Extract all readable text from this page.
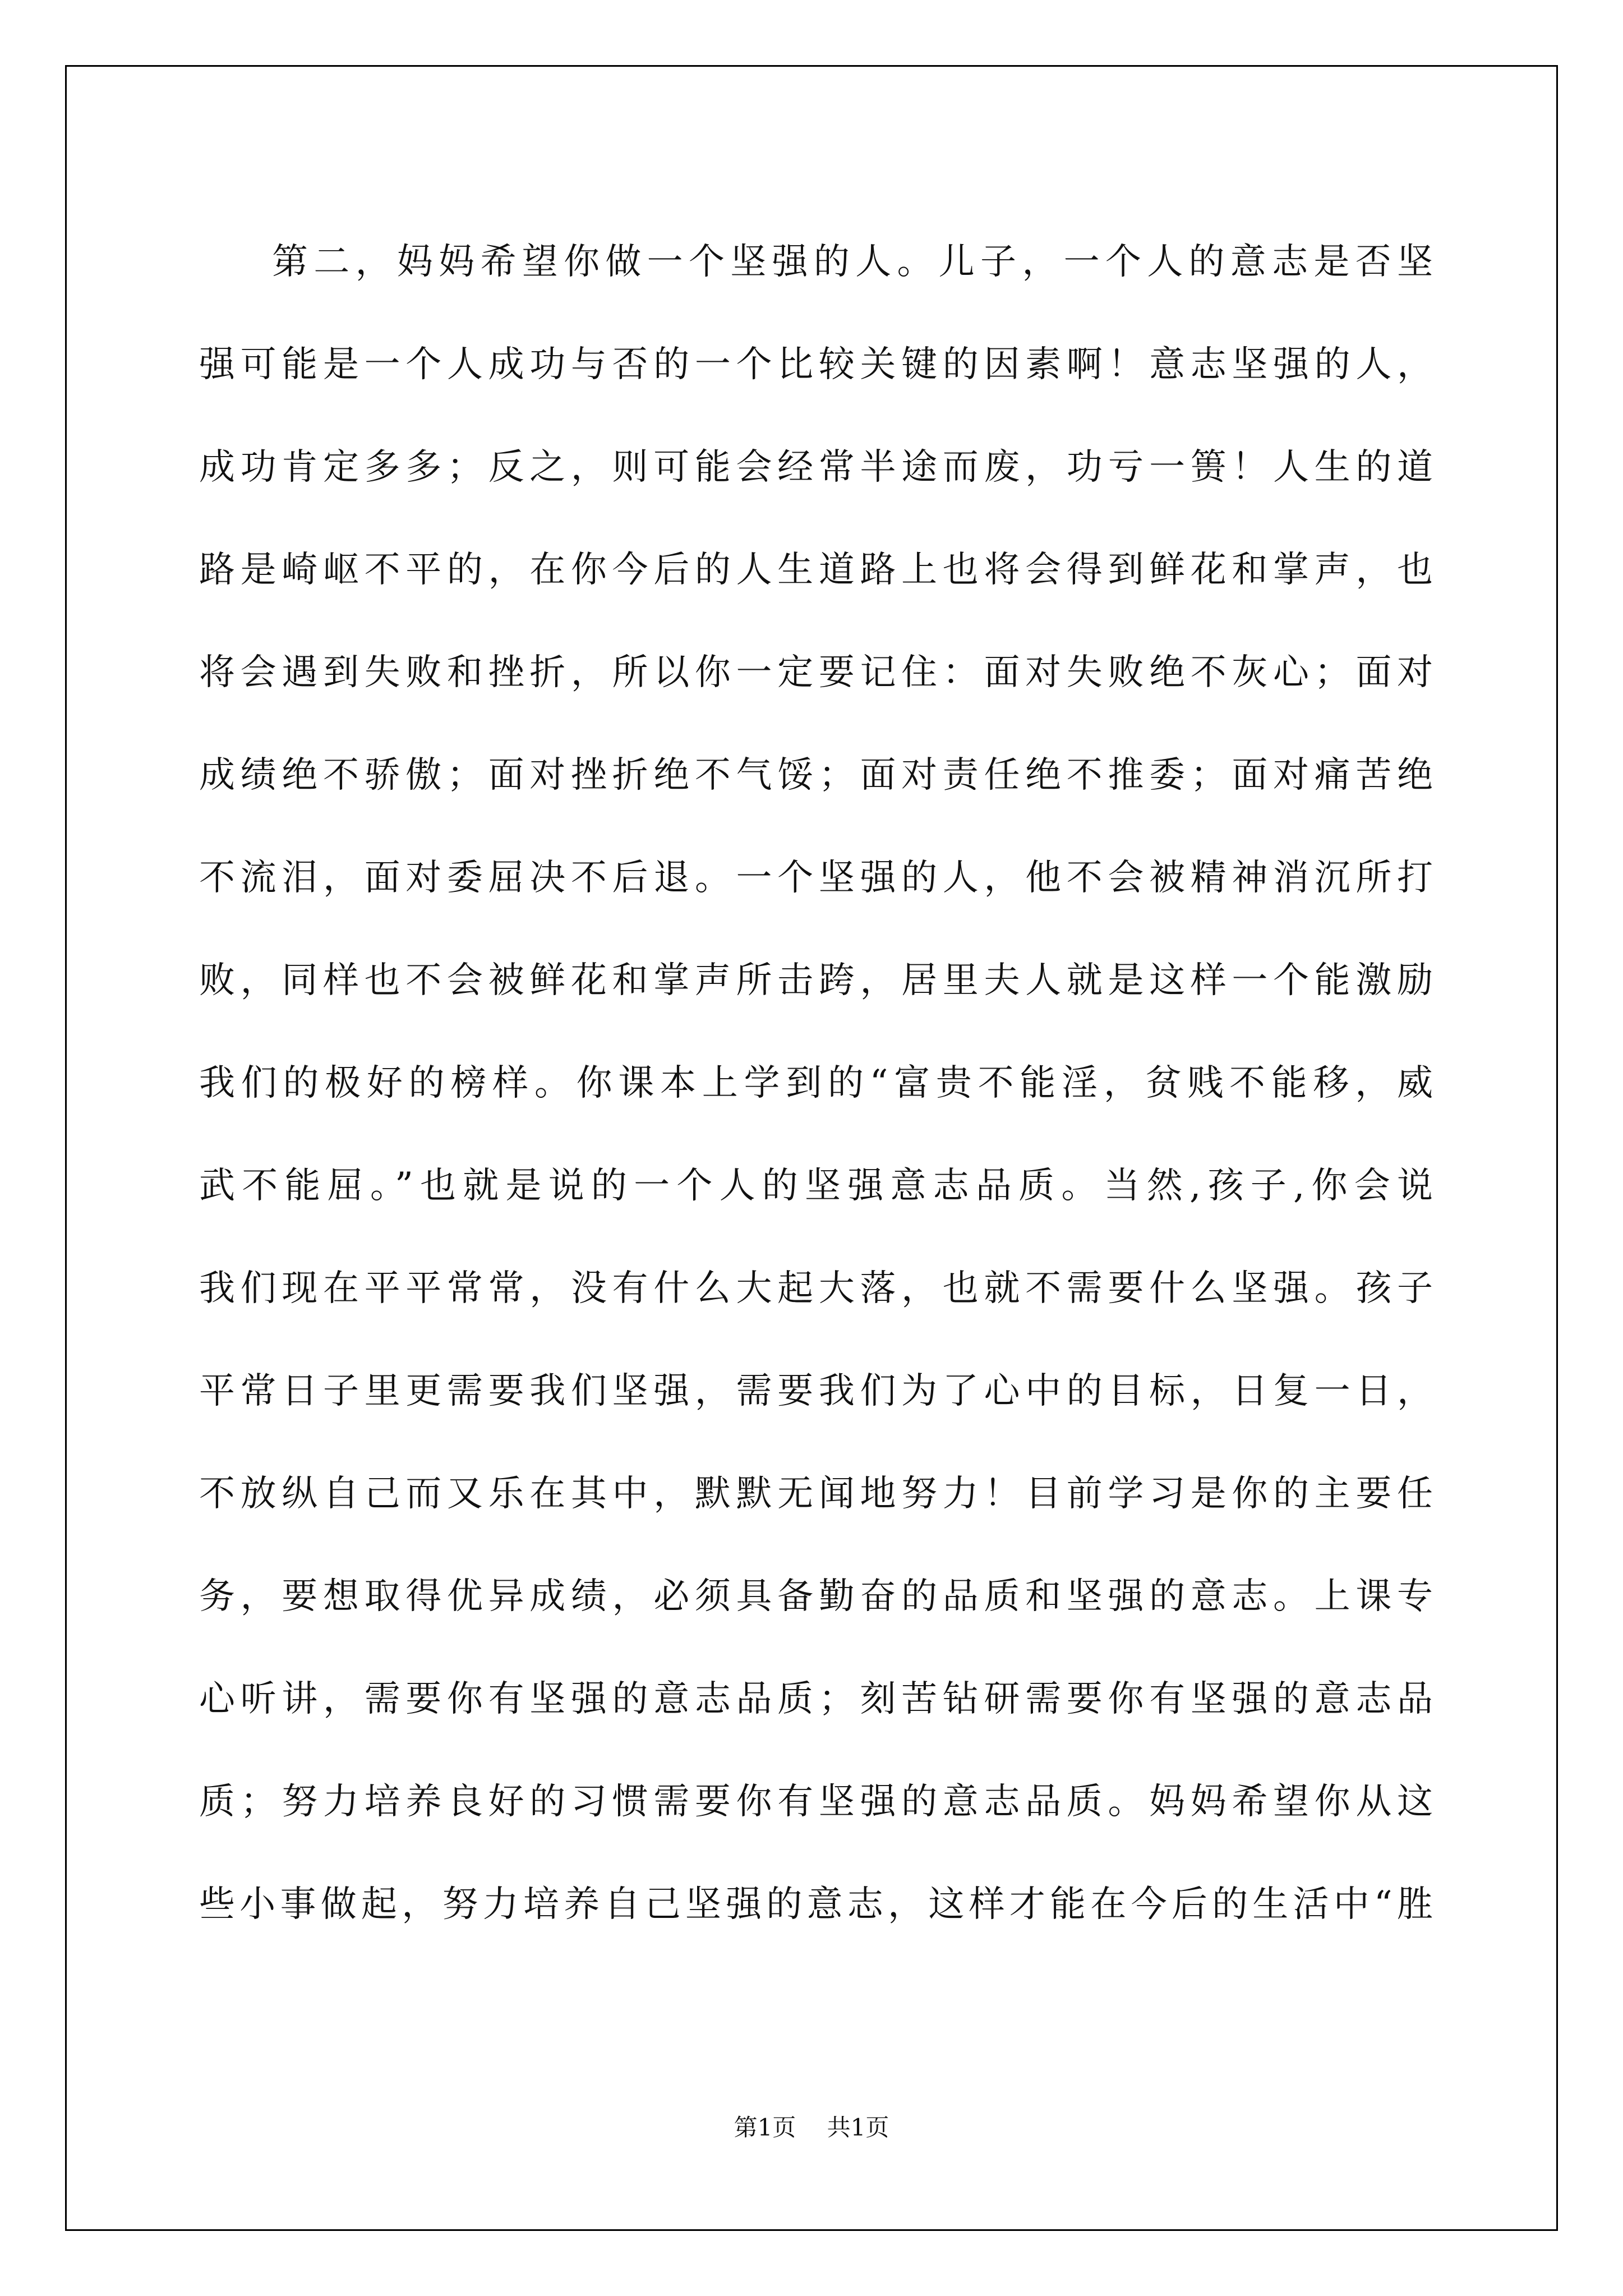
第二，妈妈希望你做一个坚强的人。儿子，一个人的意志是否坚
强可能是一个人成功与否的一个比较关键的因素啊！意志坚强的人，
成功肯定多多；反之，则可能会经常半途而废，功亏一篑！人生的道
路是崎岖不平的，在你今后的人生道路上也将会得到鲜花和掌声，也
将会遇到失败和挫折，所以你一定要记住：面对失败绝不灰心；面对
成绩绝不骄傲；面对挫折绝不气馁；面对责任绝不推委；面对痛苦绝
不流泪，面对委屈决不后退。一个坚强的人，他不会被精神消沉所打
败，同样也不会被鲜花和掌声所击跨，居里夫人就是这样一个能激励
我们的极好的榜样。你课本上学到的“富贵不能淫，贫贱不能移，威
武不能屈。”也就是说的一个人的坚强意志品质。当然,孩子,你会说
我们现在平平常常，没有什么大起大落，也就不需要什么坚强。孩子
平常日子里更需要我们坚强，需要我们为了心中的目标，日复一日，
不放纵自己而又乐在其中，默默无闻地努力！目前学习是你的主要任
务，要想取得优异成绩，必须具备勤奋的品质和坚强的意志。上课专
心听讲，需要你有坚强的意志品质；刻苦钻研需要你有坚强的意志品
质；努力培养良好的习惯需要你有坚强的意志品质。妈妈希望你从这
些小事做起，努力培养自己坚强的意志，这样才能在今后的生活中“胜
第1页 共1页
